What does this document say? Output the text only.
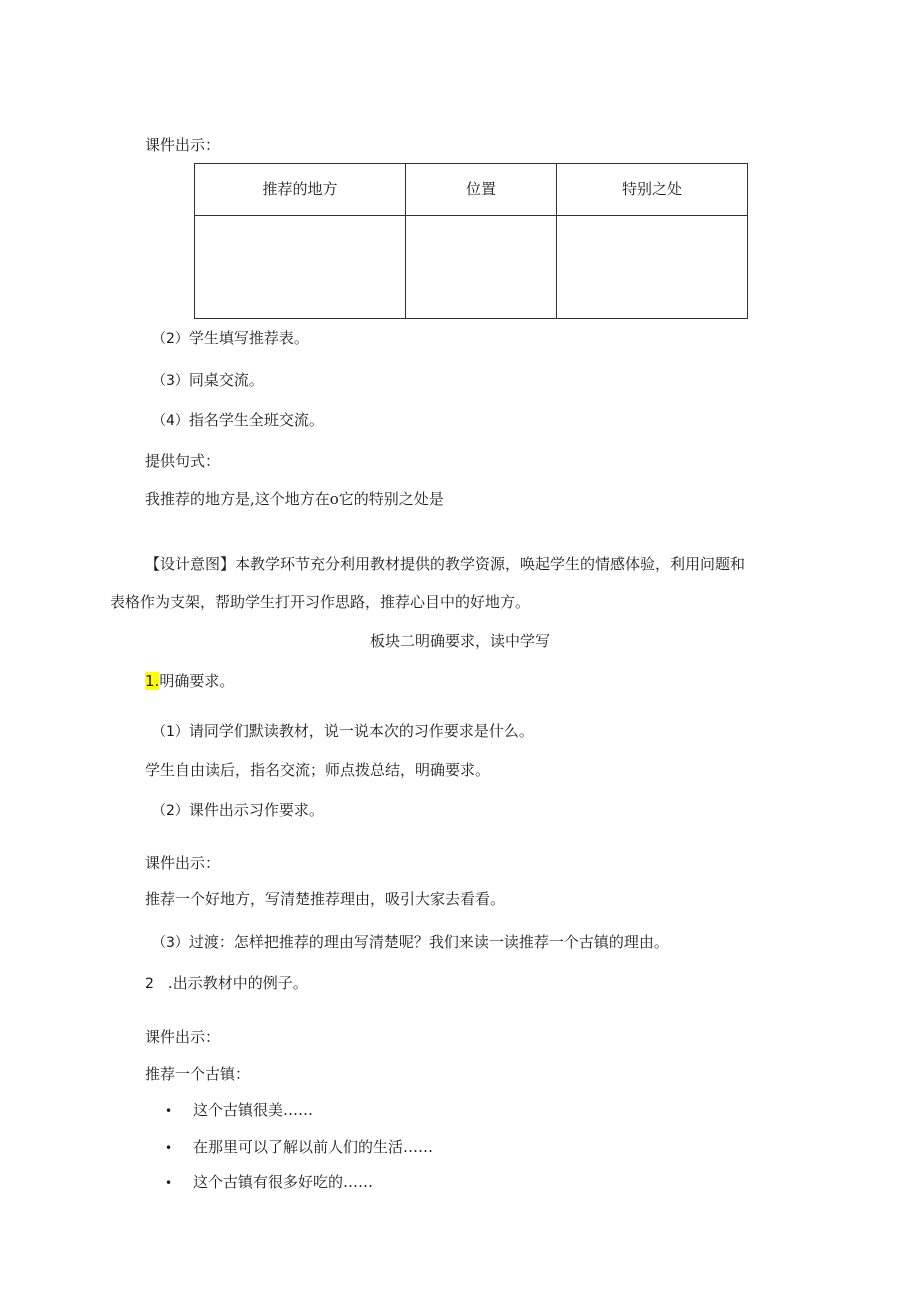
课件出示：
推荐的地方	位置	特别之处

（2）学生填写推荐表。
（3）同桌交流。
（4）指名学生全班交流。
提供句式：
我推荐的地方是,这个地方在o它的特别之处是
【设计意图】本教学环节充分利用教材提供的教学资源，唤起学生的情感体验，利用问题和
表格作为支架，帮助学生打开习作思路，推荐心目中的好地方。
板块二明确要求，读中学写
1.明确要求。
（1）请同学们默读教材，说一说本次的习作要求是什么。
学生自由读后，指名交流；师点拨总结，明确要求。
（2）课件出示习作要求。
课件出示：
推荐一个好地方，写清楚推荐理由，吸引大家去看看。
（3）过渡：怎样把推荐的理由写清楚呢？我们来读一读推荐一个古镇的理由。
2 .出示教材中的例子。
课件出示：
推荐一个古镇：
• 这个古镇很美……
• 在那里可以了解以前人们的生活……
• 这个古镇有很多好吃的……
